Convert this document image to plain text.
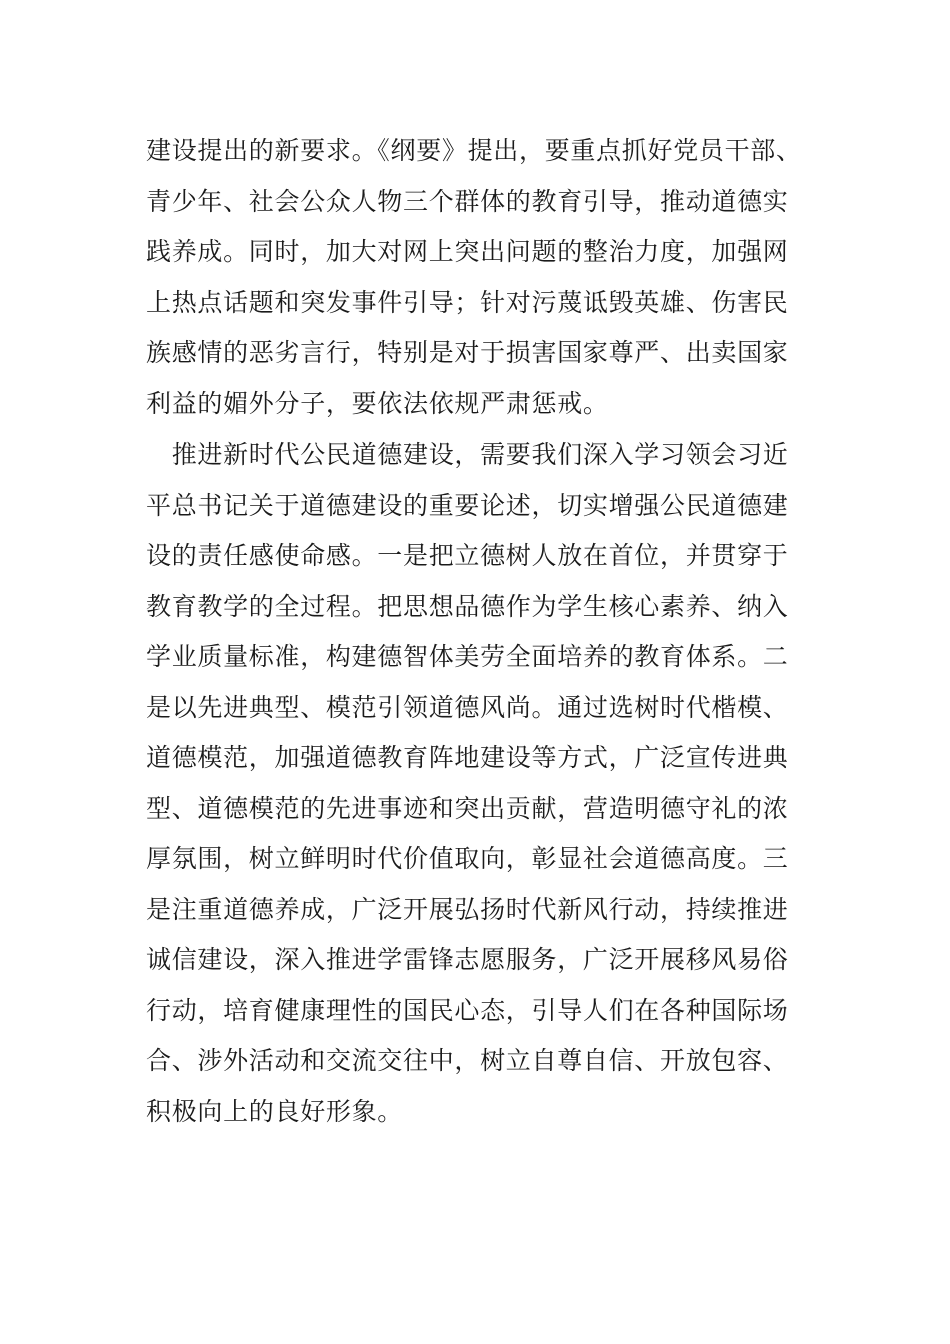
建设提出的新要求。《纲要》提出，要重点抓好党员干部、
青少年、社会公众人物三个群体的教育引导，推动道德实
践养成。同时，加大对网上突出问题的整治力度，加强网
上热点话题和突发事件引导；针对污蔑诋毁英雄、伤害民
族感情的恶劣言行，特别是对于损害国家尊严、出卖国家
利益的媚外分子，要依法依规严肃惩戒。
　推进新时代公民道德建设，需要我们深入学习领会习近
平总书记关于道德建设的重要论述，切实增强公民道德建
设的责任感使命感。一是把立德树人放在首位，并贯穿于
教育教学的全过程。把思想品德作为学生核心素养、纳入
学业质量标准，构建德智体美劳全面培养的教育体系。二
是以先进典型、模范引领道德风尚。通过选树时代楷模、
道德模范，加强道德教育阵地建设等方式，广泛宣传进典
型、道德模范的先进事迹和突出贡献，营造明德守礼的浓
厚氛围，树立鲜明时代价值取向，彰显社会道德高度。三
是注重道德养成，广泛开展弘扬时代新风行动，持续推进
诚信建设，深入推进学雷锋志愿服务，广泛开展移风易俗
行动，培育健康理性的国民心态，引导人们在各种国际场
合、涉外活动和交流交往中，树立自尊自信、开放包容、
积极向上的良好形象。
